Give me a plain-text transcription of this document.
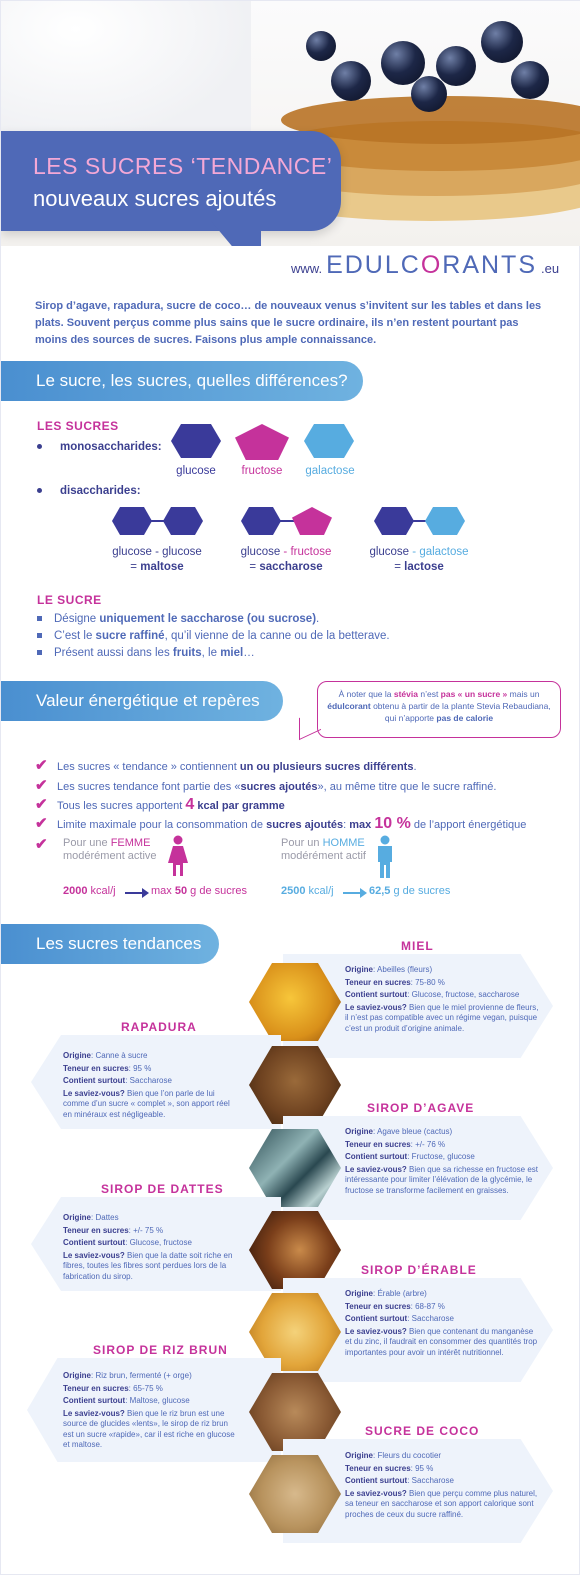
LES SUCRES ‘TENDANCE’
nouveaux sucres ajoutés
www. EDULCORANTS .eu
Sirop d’agave, rapadura, sucre de coco… de nouveaux venus s’invitent sur les tables et dans les plats. Souvent perçus comme plus sains que le sucre ordinaire, ils n’en restent pourtant pas moins des sources de sucres. Faisons plus ample connaissance.
Le sucre, les sucres, quelles différences?
LES SUCRES
monosaccharides:
glucose	fructose	galactose
disaccharides:
glucose - glucose
= maltose
glucose - fructose
= saccharose
glucose - galactose
= lactose
LE SUCRE
Désigne uniquement le saccharose (ou sucrose).
C’est le sucre raffiné, qu’il vienne de la canne ou de la betterave.
Présent aussi dans les fruits, le miel…
Valeur énergétique et repères	À noter que la stévia n’est pas « un sucre » mais un édulcorant obtenu à partir de la plante Stevia Rebaudiana, qui n’apporte pas de calorie
✔ Les sucres « tendance » contiennent un ou plusieurs sucres différents.
✔ Les sucres tendance font partie des «sucres ajoutés», au même titre que le sucre raffiné.
✔ Tous les sucres apportent 4 kcal par gramme
✔ Limite maximale pour la consommation de sucres ajoutés: max 10 % de l’apport énergétique
✔	Pour une FEMME
modérément active
Pour un HOMME
modérément actif
2000 kcal/j	max 50 g de sucres	2500 kcal/j	62,5 g de sucres
Les sucres tendances	MIEL

Origine: Abeilles (fleurs)

Teneur en sucres: 75-80 %

Contient surtout: Glucose, fructose, saccharose

Le saviez-vous? Bien que le miel provienne de fleurs, il n’est pas compatible avec un régime vegan, puisque c’est un produit d’origine animale.

RAPADURA

Origine: Canne à sucre

Teneur en sucres: 95 %

Contient surtout: Saccharose

Le saviez-vous? Bien que l’on parle de lui comme d’un sucre « complet », son apport réel en minéraux est négligeable.	SIROP D’AGAVE

Origine: Agave bleue (cactus)

Teneur en sucres: +/- 76 %

Contient surtout: Fructose, glucose

Le saviez-vous? Bien que sa richesse en fructose est intéressante pour limiter l’élévation de la glycémie, le fructose se transforme facilement en graisses.

SIROP DE DATTES

Origine: Dattes

Teneur en sucres: +/- 75 %

Contient surtout: Glucose, fructose

Le saviez-vous? Bien que la datte soit riche en fibres, toutes les fibres sont perdues lors de la fabrication du sirop.	SIROP D’ÉRABLE

Origine: Érable (arbre)

Teneur en sucres: 68-87 %

Contient surtout: Saccharose

Le saviez-vous? Bien que contenant du manganèse et du zinc, il faudrait en consommer des quantités trop importantes pour avoir un intérêt nutritionnel.

SIROP DE RIZ BRUN

Origine: Riz brun, fermenté (+ orge)

Teneur en sucres: 65-75 %

Contient surtout: Maltose, glucose

Le saviez-vous? Bien que le riz brun est une source de glucides «lents», le sirop de riz brun est un sucre «rapide», car il est riche en glucose et maltose.

SUCRE DE COCO

Origine: Fleurs du cocotier

Teneur en sucres: 95 %

Contient surtout: Saccharose

Le saviez-vous? Bien que perçu comme plus naturel, sa teneur en saccharose et son apport calorique sont proches de ceux du sucre raffiné.
